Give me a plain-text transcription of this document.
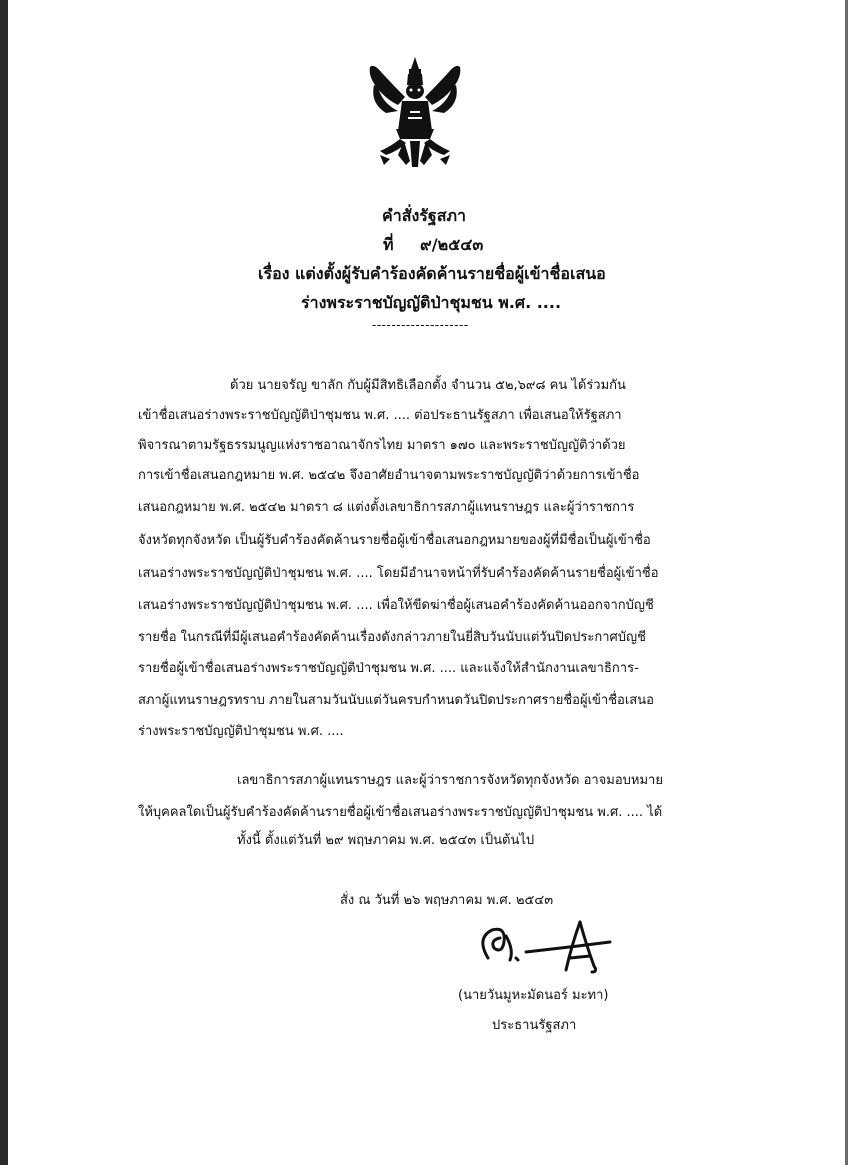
คำสั่งรัฐสภา
ที่ ๙/๒๕๔๓
เรื่อง แต่งตั้งผู้รับคำร้องคัดค้านรายชื่อผู้เข้าชื่อเสนอ
ร่างพระราชบัญญัติป่าชุมชน พ.ศ. ....
--------------------
ด้วย นายจรัญ ขาลัก กับผู้มีสิทธิเลือกตั้ง จำนวน ๕๒,๖๙๘ คน ได้ร่วมกัน
เข้าชื่อเสนอร่างพระราชบัญญัติป่าชุมชน พ.ศ. .... ต่อประธานรัฐสภา เพื่อเสนอให้รัฐสภา
พิจารณาตามรัฐธรรมนูญแห่งราชอาณาจักรไทย มาตรา ๑๗๐ และพระราชบัญญัติว่าด้วย
การเข้าชื่อเสนอกฎหมาย พ.ศ. ๒๕๔๒ จึงอาศัยอำนาจตามพระราชบัญญัติว่าด้วยการเข้าชื่อ
เสนอกฎหมาย พ.ศ. ๒๕๔๒ มาตรา ๘ แต่งตั้งเลขาธิการสภาผู้แทนราษฎร และผู้ว่าราชการ
จังหวัดทุกจังหวัด เป็นผู้รับคำร้องคัดค้านรายชื่อผู้เข้าชื่อเสนอกฎหมายของผู้ที่มีชื่อเป็นผู้เข้าชื่อ
เสนอร่างพระราชบัญญัติป่าชุมชน พ.ศ. .... โดยมีอำนาจหน้าที่รับคำร้องคัดค้านรายชื่อผู้เข้าชื่อ
เสนอร่างพระราชบัญญัติป่าชุมชน พ.ศ. .... เพื่อให้ขีดฆ่าชื่อผู้เสนอคำร้องคัดค้านออกจากบัญชี
รายชื่อ ในกรณีที่มีผู้เสนอคำร้องคัดค้านเรื่องดังกล่าวภายในยี่สิบวันนับแต่วันปิดประกาศบัญชี
รายชื่อผู้เข้าชื่อเสนอร่างพระราชบัญญัติป่าชุมชน พ.ศ. .... และแจ้งให้สำนักงานเลขาธิการ-
สภาผู้แทนราษฎรทราบ ภายในสามวันนับแต่วันครบกำหนดวันปิดประกาศรายชื่อผู้เข้าชื่อเสนอ
ร่างพระราชบัญญัติป่าชุมชน พ.ศ. ....
เลขาธิการสภาผู้แทนราษฎร และผู้ว่าราชการจังหวัดทุกจังหวัด อาจมอบหมาย
ให้บุคคลใดเป็นผู้รับคำร้องคัดค้านรายชื่อผู้เข้าชื่อเสนอร่างพระราชบัญญัติป่าชุมชน พ.ศ. .... ได้
ทั้งนี้ ตั้งแต่วันที่ ๒๙ พฤษภาคม พ.ศ. ๒๕๔๓ เป็นต้นไป
สั่ง ณ วันที่ ๒๖ พฤษภาคม พ.ศ. ๒๕๔๓
(นายวันมูหะมัดนอร์ มะทา)
ประธานรัฐสภา
